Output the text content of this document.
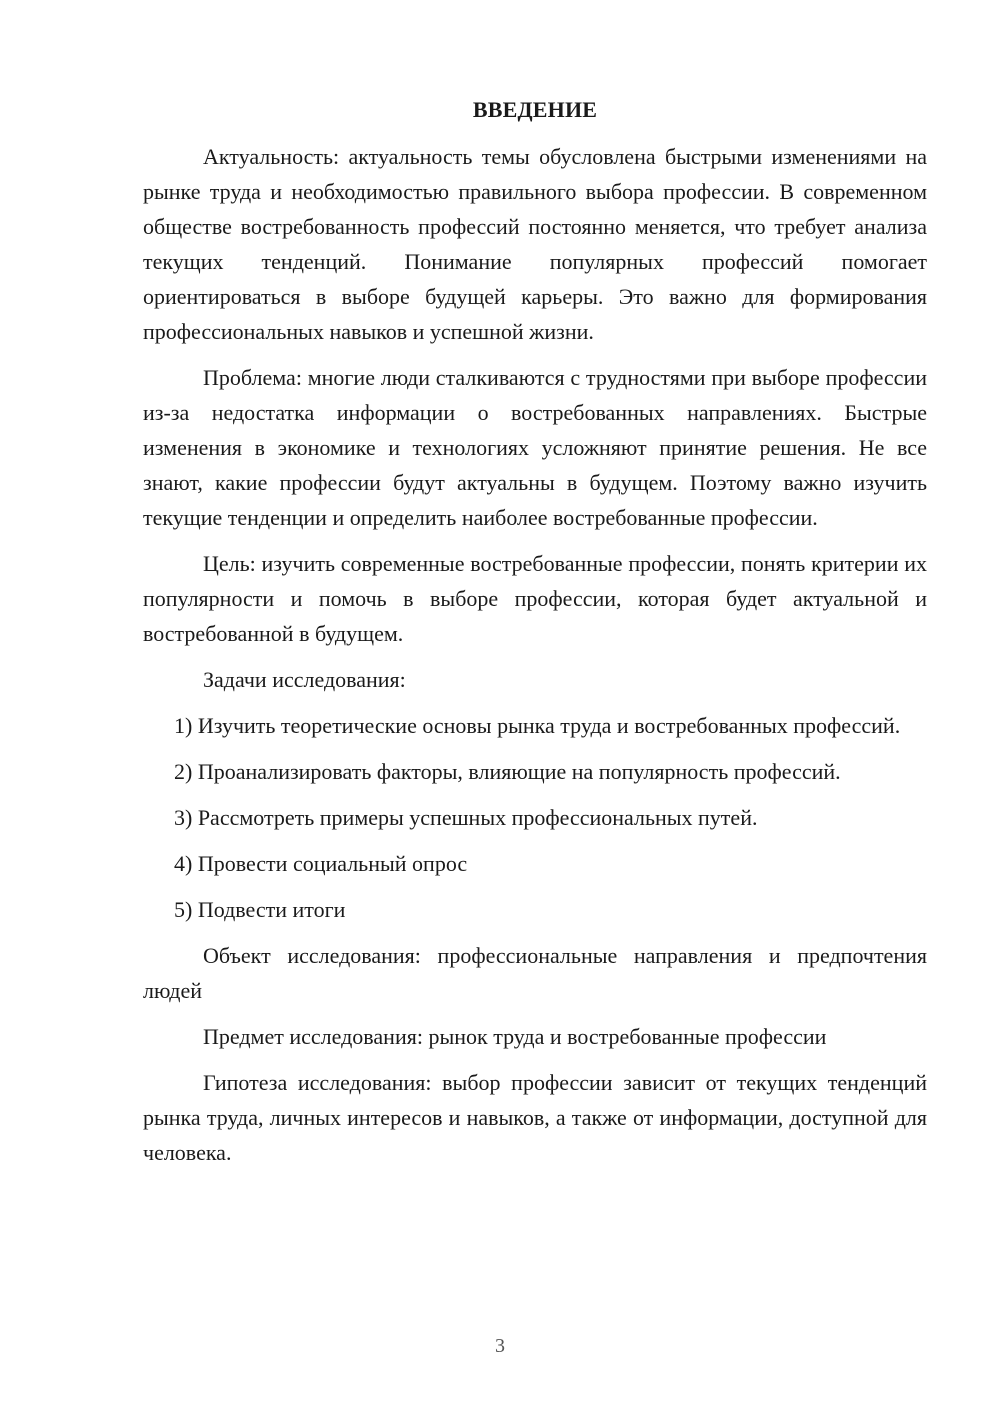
ВВЕДЕНИЕ

Актуальность: актуальность темы обусловлена быстрыми изменениями на рынке труда и необходимостью правильного выбора профессии. В современном обществе востребованность профессий постоянно меняется, что требует анализа текущих тенденций. Понимание популярных профессий помогает ориентироваться в выборе будущей карьеры. Это важно для формирования профессиональных навыков и успешной жизни.

Проблема: многие люди сталкиваются с трудностями при выборе профессии из-за недостатка информации о востребованных направлениях. Быстрые изменения в экономике и технологиях усложняют принятие решения. Не все знают, какие профессии будут актуальны в будущем. Поэтому важно изучить текущие тенденции и определить наиболее востребованные профессии.

Цель: изучить современные востребованные профессии, понять критерии их популярности и помочь в выборе профессии, которая будет актуальной и востребованной в будущем.

Задачи исследования:

1) Изучить теоретические основы рынка труда и востребованных профессий.

2) Проанализировать факторы, влияющие на популярность профессий.

3) Рассмотреть примеры успешных профессиональных путей.

4) Провести социальный опрос

5) Подвести итоги

Объект исследования: профессиональные направления и предпочтения людей

Предмет исследования: рынок труда и востребованные профессии

Гипотеза исследования: выбор профессии зависит от текущих тенденций рынка труда, личных интересов и навыков, а также от информации, доступной для человека.

3
